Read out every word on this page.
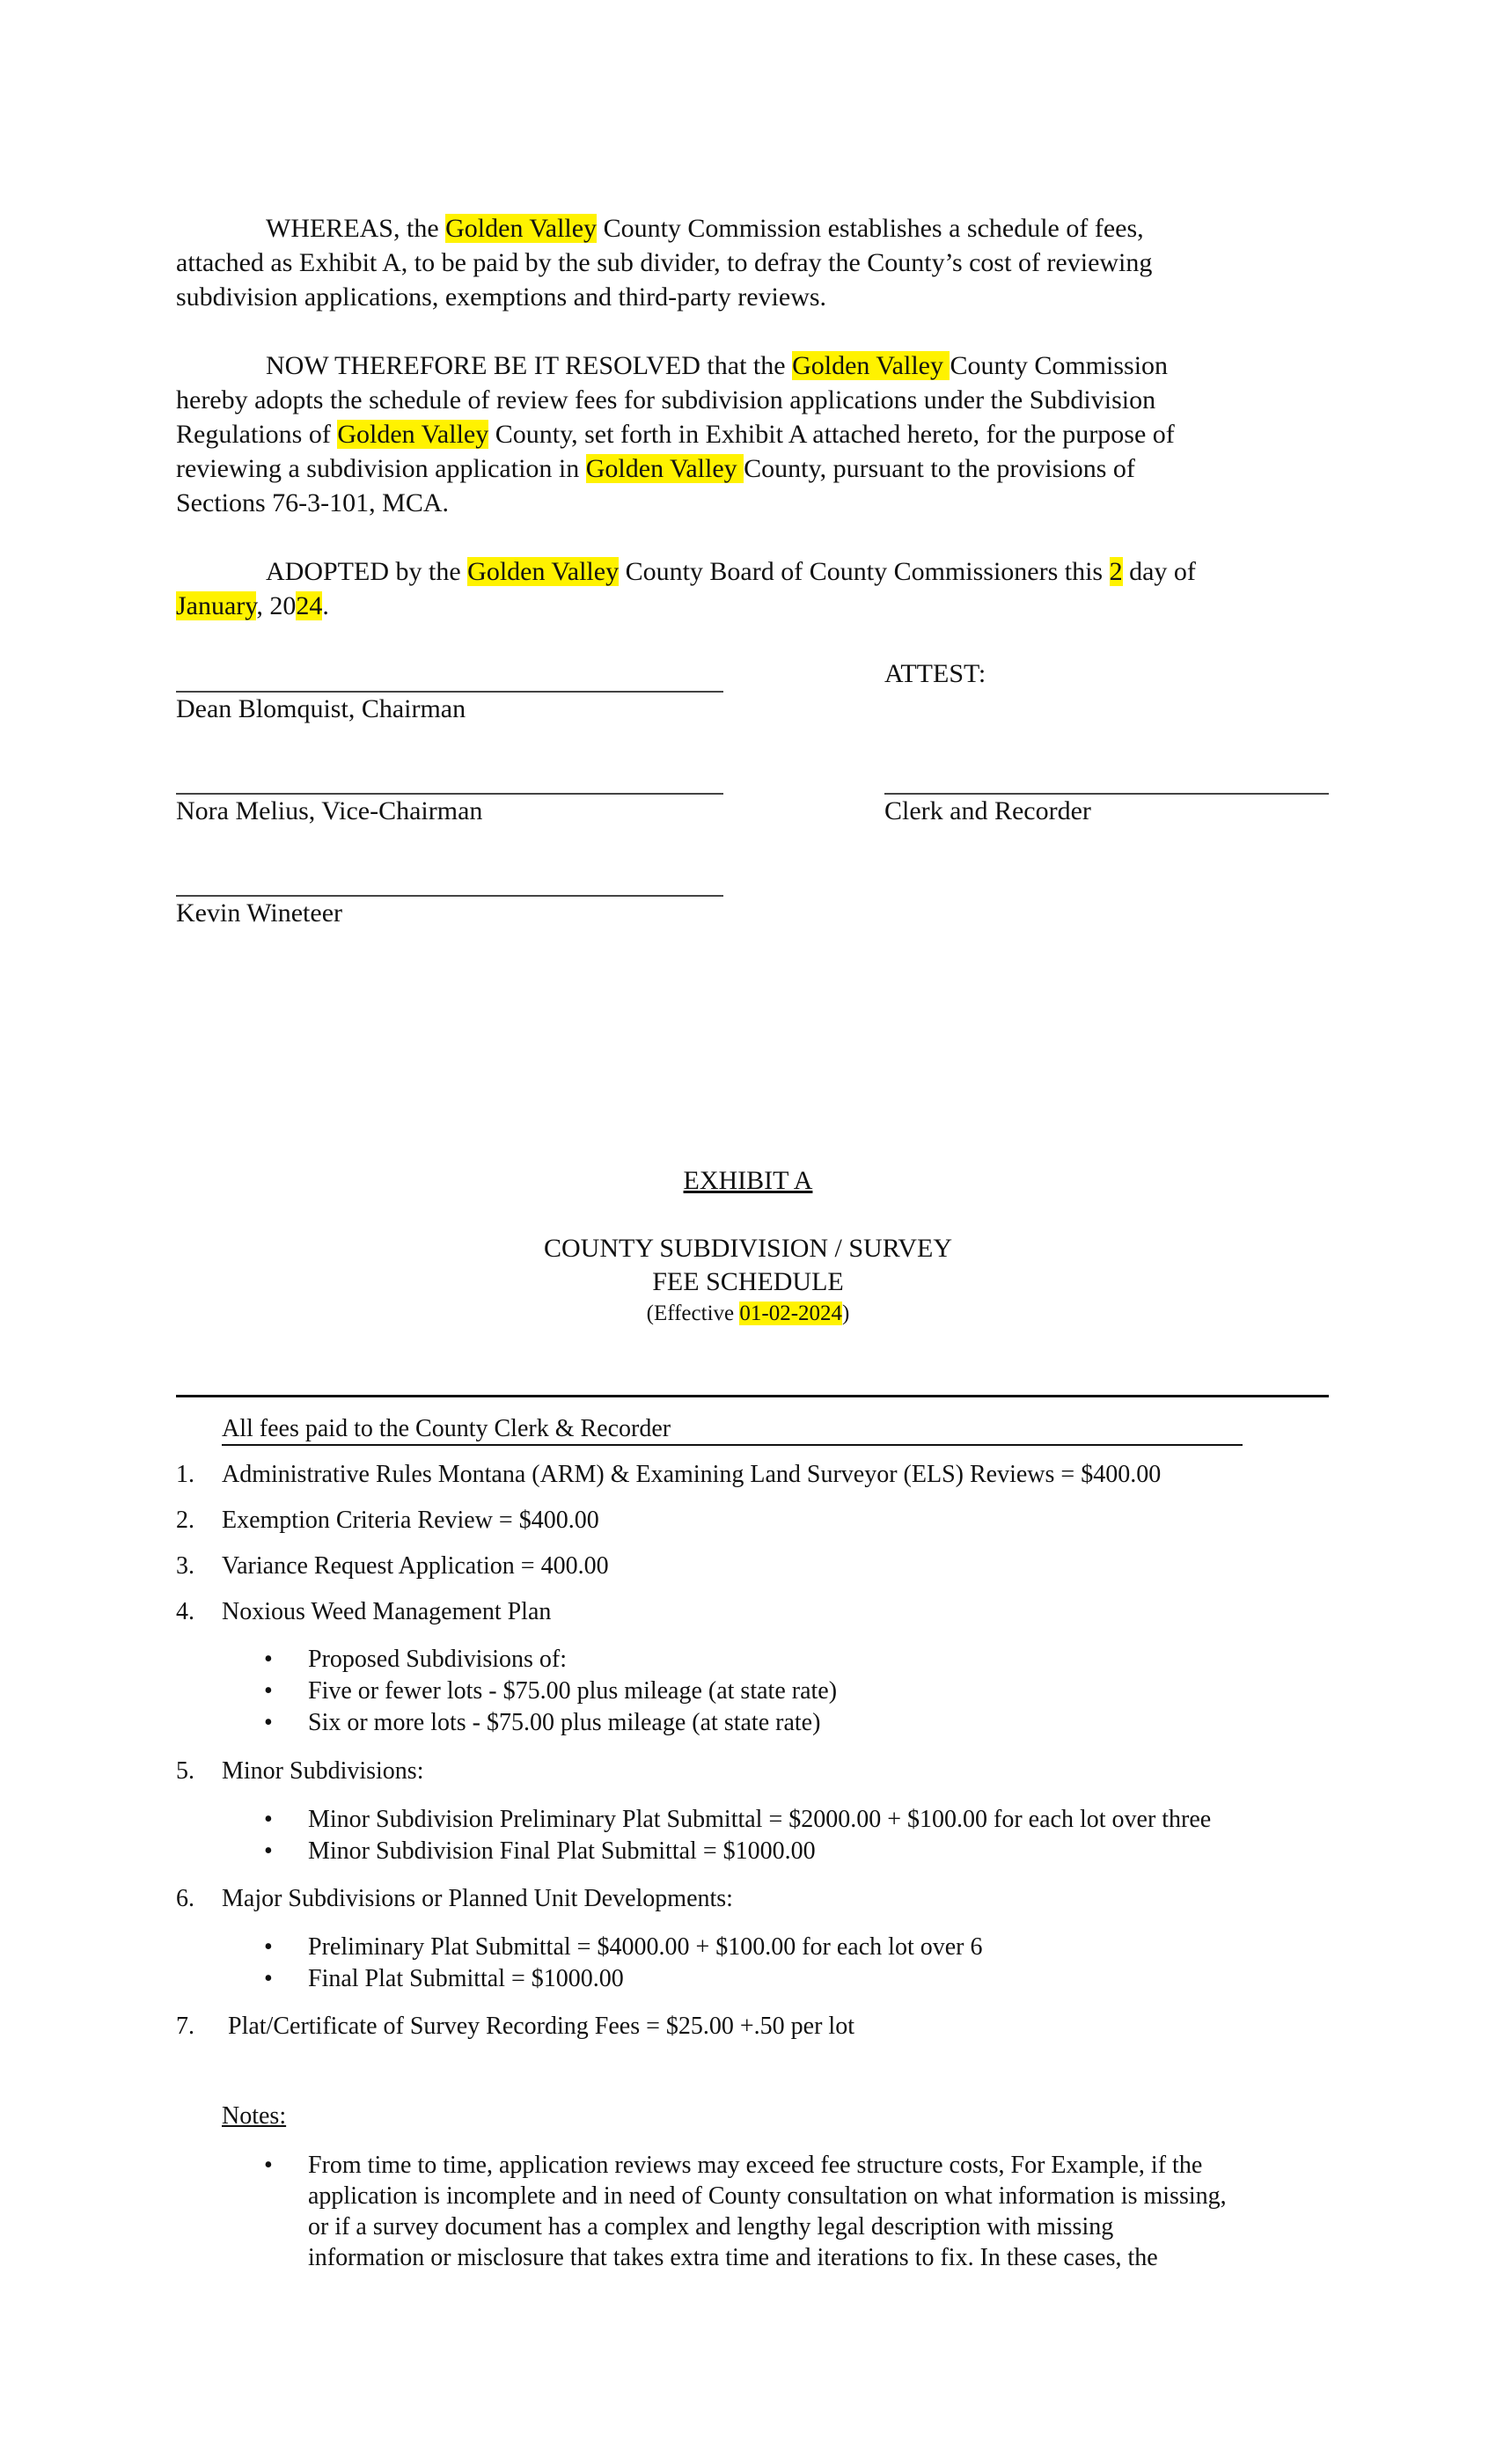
WHEREAS, the Golden Valley County Commission establishes a schedule of fees,
attached as Exhibit A, to be paid by the sub divider, to defray the County’s cost of reviewing
subdivision applications, exemptions and third-party reviews.
NOW THEREFORE BE IT RESOLVED that the Golden Valley County Commission
hereby adopts the schedule of review fees for subdivision applications under the Subdivision
Regulations of Golden Valley County, set forth in Exhibit A attached hereto, for the purpose of
reviewing a subdivision application in Golden Valley County, pursuant to the provisions of
Sections 76-3-101, MCA.
ADOPTED by the Golden Valley County Board of County Commissioners this 2 day of
January, 2024.
ATTEST:
Dean Blomquist, Chairman
Nora Melius, Vice-Chairman	Clerk and Recorder
Kevin Wineteer
EXHIBIT A
COUNTY SUBDIVISION / SURVEY
FEE SCHEDULE
(Effective 01-02-2024)
All fees paid to the County Clerk & Recorder
1. Administrative Rules Montana (ARM) & Examining Land Surveyor (ELS) Reviews = $400.00
2. Exemption Criteria Review = $400.00
3. Variance Request Application = 400.00
4. Noxious Weed Management Plan
• Proposed Subdivisions of:
• Five or fewer lots - $75.00 plus mileage (at state rate)
• Six or more lots - $75.00 plus mileage (at state rate)
5. Minor Subdivisions:
• Minor Subdivision Preliminary Plat Submittal = $2000.00 + $100.00 for each lot over three
• Minor Subdivision Final Plat Submittal = $1000.00
6. Major Subdivisions or Planned Unit Developments:
• Preliminary Plat Submittal = $4000.00 + $100.00 for each lot over 6
• Final Plat Submittal = $1000.00
7. Plat/Certificate of Survey Recording Fees = $25.00 +.50 per lot
Notes:
• From time to time, application reviews may exceed fee structure costs, For Example, if the
application is incomplete and in need of County consultation on what information is missing,
or if a survey document has a complex and lengthy legal description with missing
information or misclosure that takes extra time and iterations to fix. In these cases, the
